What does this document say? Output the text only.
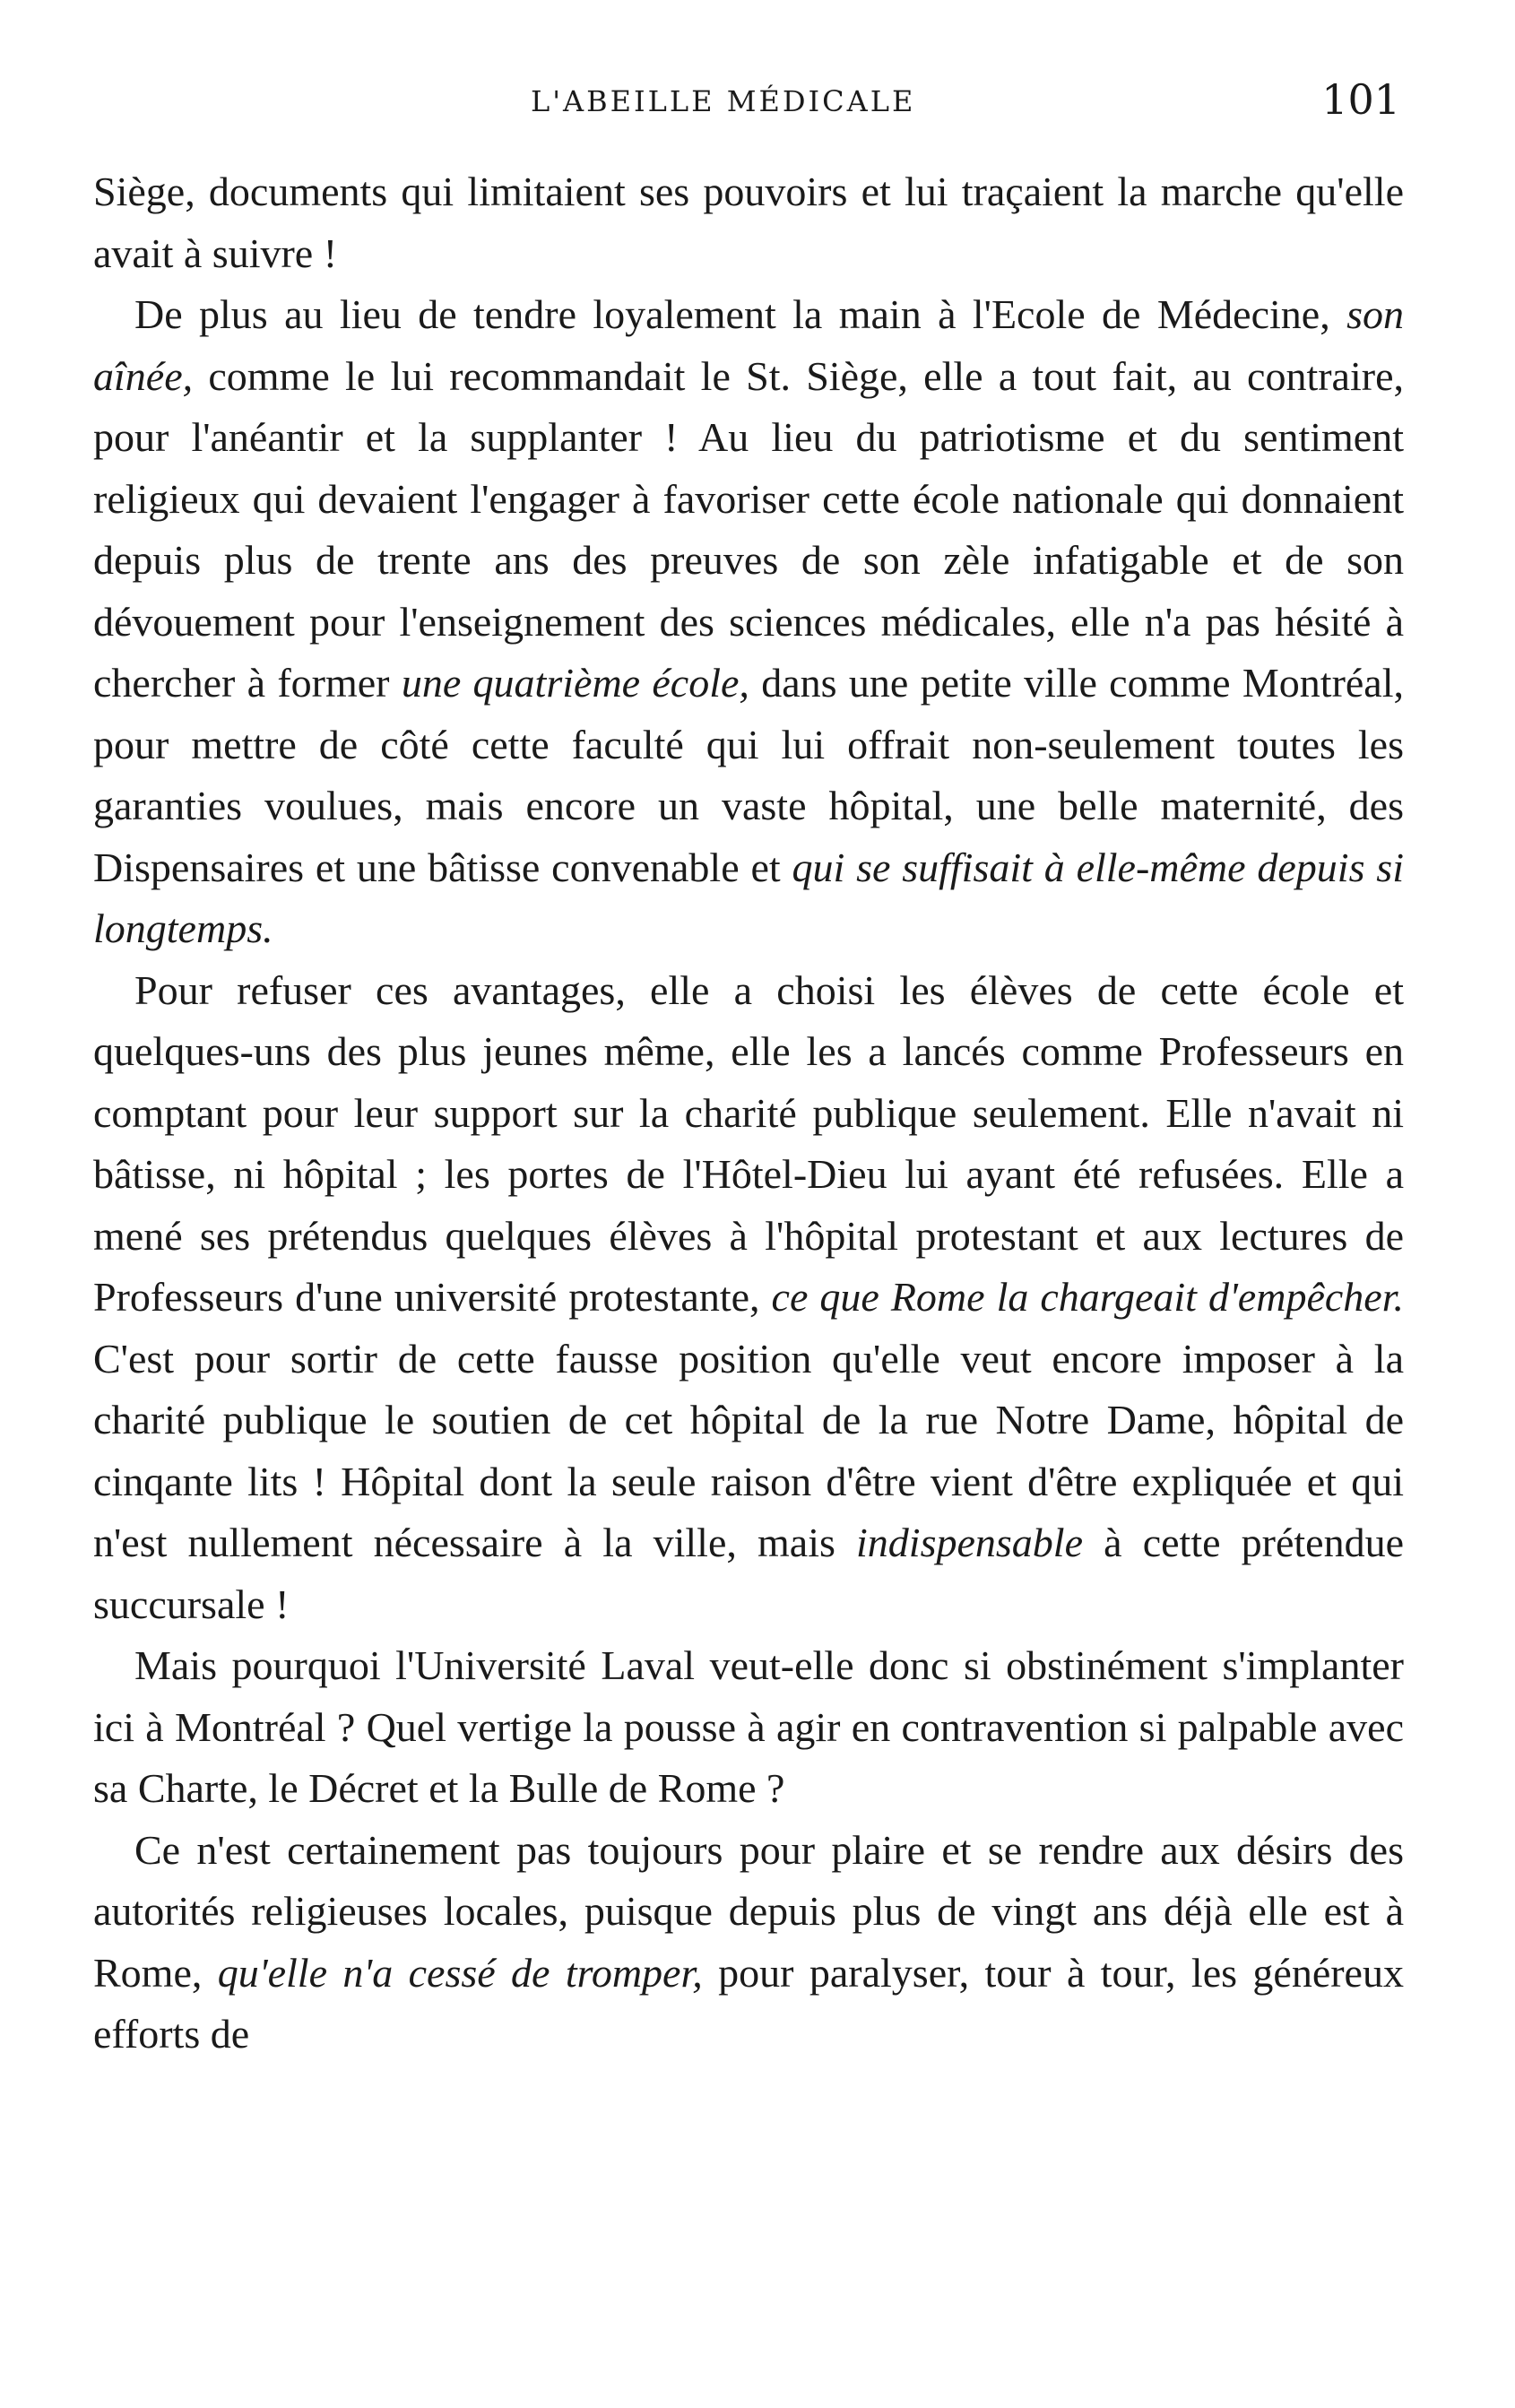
L'ABEILLE MÉDICALE	101

Siège, documents qui limitaient ses pouvoirs et lui traçaient la marche qu'elle avait à suivre !

De plus au lieu de tendre loyalement la main à l'Ecole de Médecine, son aînée, comme le lui recommandait le St. Siège, elle a tout fait, au contraire, pour l'anéantir et la supplanter ! Au lieu du patriotisme et du sentiment religieux qui devaient l'engager à favoriser cette école nationale qui donnaient depuis plus de trente ans des preuves de son zèle infatigable et de son dévouement pour l'enseignement des sciences médicales, elle n'a pas hésité à chercher à former une quatrième école, dans une petite ville comme Montréal, pour mettre de côté cette faculté qui lui offrait non-seulement toutes les garanties voulues, mais encore un vaste hôpital, une belle maternité, des Dispensaires et une bâtisse convenable et qui se suffisait à elle-même depuis si longtemps.

Pour refuser ces avantages, elle a choisi les élèves de cette école et quelques-uns des plus jeunes même, elle les a lancés comme Professeurs en comptant pour leur support sur la charité publique seulement. Elle n'avait ni bâtisse, ni hôpital ; les portes de l'Hôtel-Dieu lui ayant été refusées. Elle a mené ses prétendus quelques élèves à l'hôpital protestant et aux lectures de Professeurs d'une université protestante, ce que Rome la chargeait d'empêcher. C'est pour sortir de cette fausse position qu'elle veut encore imposer à la charité publique le soutien de cet hôpital de la rue Notre Dame, hôpital de cinqante lits ! Hôpital dont la seule raison d'être vient d'être expliquée et qui n'est nullement nécessaire à la ville, mais indispensable à cette prétendue succursale !

Mais pourquoi l'Université Laval veut-elle donc si obstinément s'implanter ici à Montréal ? Quel vertige la pousse à agir en contravention si palpable avec sa Charte, le Décret et la Bulle de Rome ?

Ce n'est certainement pas toujours pour plaire et se rendre aux désirs des autorités religieuses locales, puisque depuis plus de vingt ans déjà elle est à Rome, qu'elle n'a cessé de tromper, pour paralyser, tour à tour, les généreux efforts de
